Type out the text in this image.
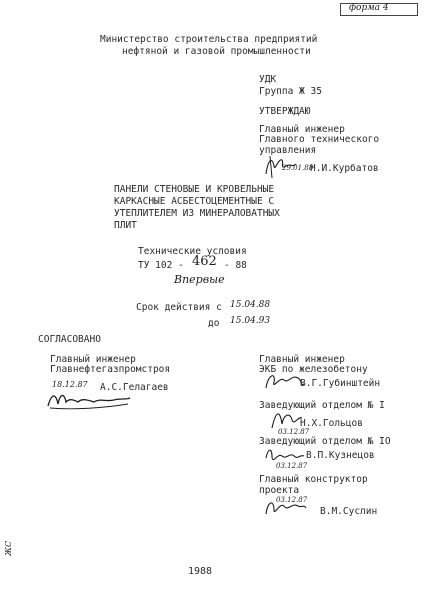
форма 4
Министерство строительства предприятий
нефтяной и газовой промышленности
УДК
Группа Ж 35
УТВЕРЖДАЮ
Главный инженер
Главного технического
управления
29.01.88
Н.И.Курбатов
ПАНЕЛИ СТЕНОВЫЕ И КРОВЕЛЬНЫЕ
КАРКАСНЫЕ АСБЕСТОЦЕМЕНТНЫЕ С
УТЕПЛИТЕЛЕМ ИЗ МИНЕРАЛОВАТНЫХ
ПЛИТ
Технические условия
ТУ 102 - 462 - 88
Впервые
Срок действия с 15.04.88
до 15.04.93
СОГЛАСОВАНО
Главный инженер
Главнефтегазпромстроя
18.12.87 А.С.Гелагаев
Главный инженер
ЭКБ по железобетону
В.Г.Губинштейн
Заведующий отделом № I
Н.Х.Гольцов
03.12.87
Заведующий отделом № IO
В.П.Кузнецов
03.12.87
Главный конструктор
проекта
03.12.87
В.М.Суслин
1988
ЖС
